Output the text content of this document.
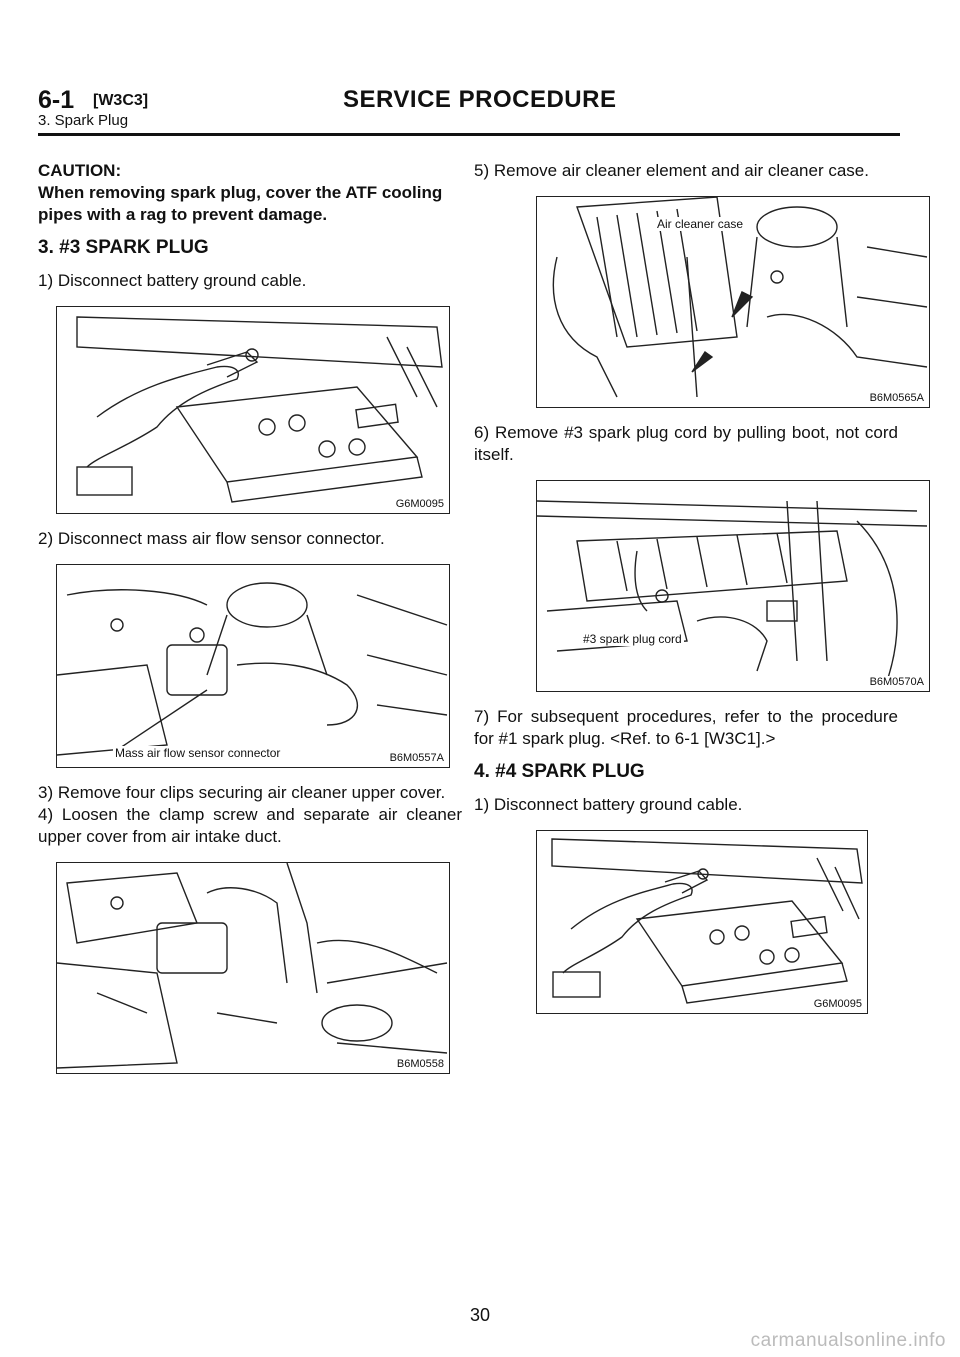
6-1 [W3C3]	SERVICE PROCEDURE
3. Spark Plug
CAUTION:
When removing spark plug, cover the ATF cooling pipes with a rag to prevent damage.
3. #3 SPARK PLUG

1) Disconnect battery ground cable.

G6M0095

2) Disconnect mass air flow sensor connector.

Mass air flow sensor connector	B6M0557A

3) Remove four clips securing air cleaner upper cover.

4) Loosen the clamp screw and separate air cleaner upper cover from air intake duct.

B6M0558

5) Remove air cleaner element and air cleaner case.

Air cleaner case
B6M0565A

6) Remove #3 spark plug cord by pulling boot, not cord itself.

#3 spark plug cord
B6M0570A

7) For subsequent procedures, refer to the procedure for #1 spark plug. <Ref. to 6-1 [W3C1].>

4. #4 SPARK PLUG

1) Disconnect battery ground cable.

G6M0095
30
carmanualsonline.info
